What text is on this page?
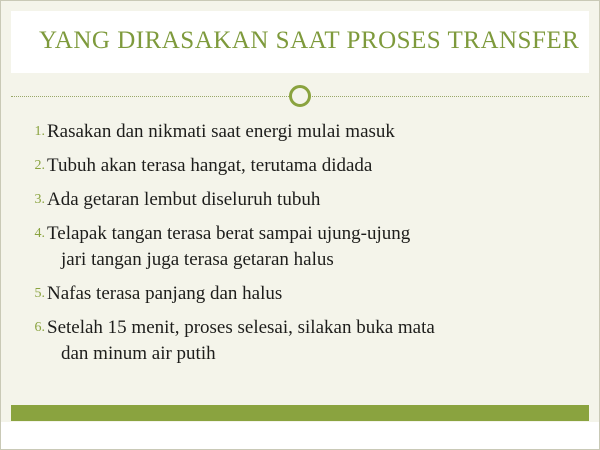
YANG DIRASAKAN SAAT PROSES TRANSFER
1. Rasakan dan nikmati saat energi mulai masuk
2. Tubuh akan terasa hangat, terutama didada
3. Ada getaran lembut diseluruh tubuh
4. Telapak tangan terasa berat sampai ujung-ujung
jari tangan juga terasa getaran halus
5. Nafas terasa panjang dan halus
6. Setelah 15 menit, proses selesai, silakan buka mata
dan minum air putih
